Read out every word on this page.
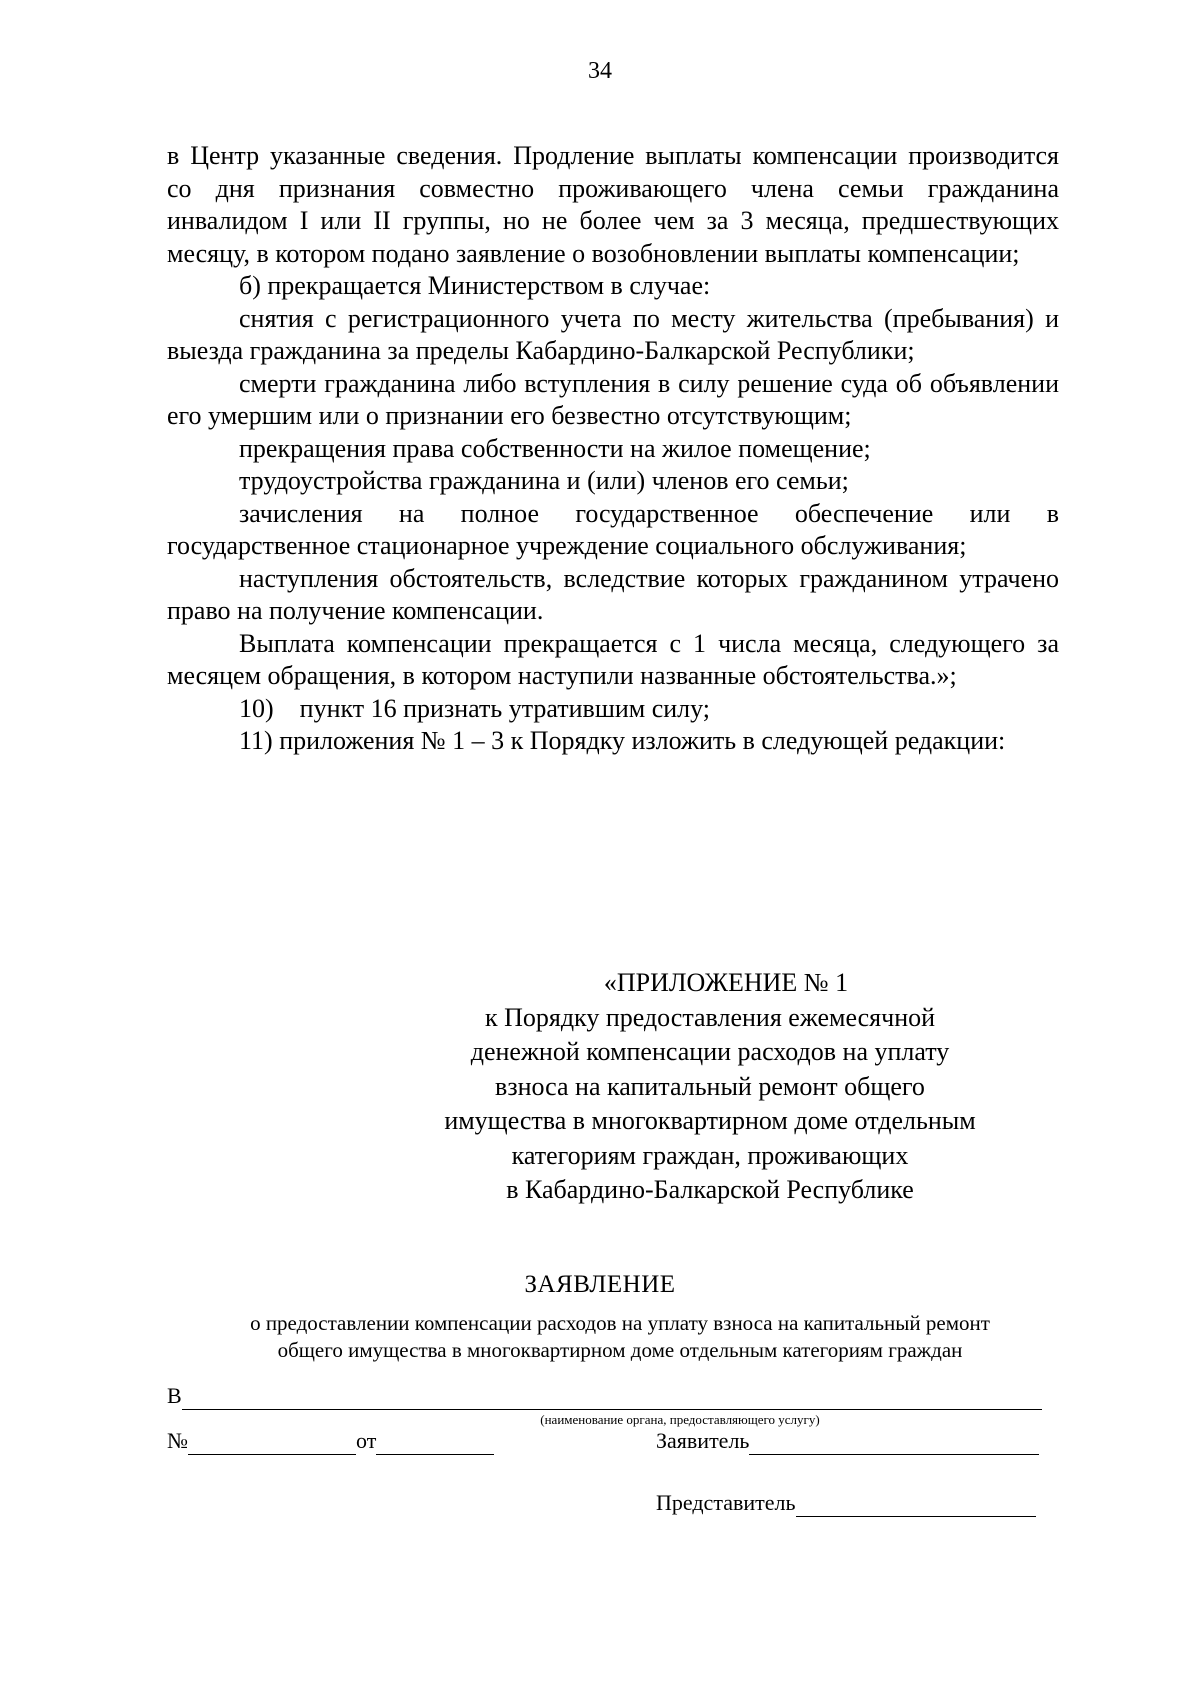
34

в Центр указанные сведения. Продление выплаты компенсации производится со дня признания совместно проживающего члена семьи гражданина инвалидом I или II группы, но не более чем за 3 месяца, предшествующих месяцу, в котором подано заявление о возобновлении выплаты компенсации;

б) прекращается Министерством в случае:

снятия с регистрационного учета по месту жительства (пребывания) и выезда гражданина за пределы Кабардино-Балкарской Республики;

смерти гражданина либо вступления в силу решение суда об объявлении его умершим или о признании его безвестно отсутствующим;

прекращения права собственности на жилое помещение;

трудоустройства гражданина и (или) членов его семьи;

зачисления на полное государственное обеспечение или в государственное стационарное учреждение социального обслуживания;

наступления обстоятельств, вследствие которых гражданином утрачено право на получение компенсации.

Выплата компенсации прекращается с 1 числа месяца, следующего за месяцем обращения, в котором наступили названные обстоятельства.»;

10)    пункт 16 признать утратившим силу;

11) приложения № 1 – 3 к Порядку изложить в следующей редакции:

«ПРИЛОЖЕНИЕ № 1
к Порядку предоставления ежемесячной
денежной компенсации расходов на уплату
взноса на капитальный ремонт общего
имущества в многоквартирном доме отдельным
категориям граждан, проживающих
в Кабардино-Балкарской Республике
ЗАЯВЛЕНИЕ
о предоставлении компенсации расходов на уплату взноса на капитальный ремонт
общего имущества в многоквартирном доме отдельным категориям граждан
В
(наименование органа, предоставляющего услугу)
№	от	Заявитель
Представитель
